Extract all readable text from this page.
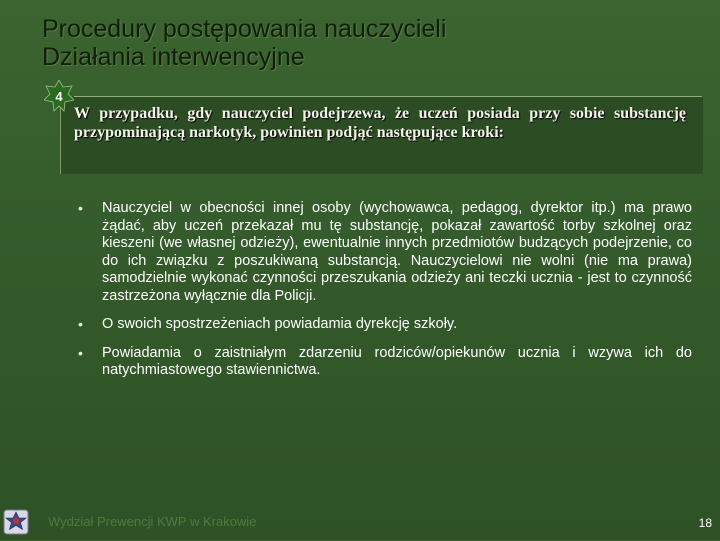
Procedury postępowania nauczycieli
Działania interwencyjne
4
W przypadku, gdy nauczyciel podejrzewa, że uczeń posiada przy sobie substancję przypominającą narkotyk, powinien podjąć następujące kroki:
• Nauczyciel w obecności innej osoby (wychowawca, pedagog, dyrektor itp.) ma prawo żądać, aby uczeń przekazał mu tę substancję, pokazał zawartość torby szkolnej oraz kieszeni (we własnej odzieży), ewentualnie innych przedmiotów budzących podejrzenie, co do ich związku z poszukiwaną substancją. Nauczycielowi nie wolni (nie ma prawa) samodzielnie wykonać czynności przeszukania odzieży ani teczki ucznia - jest to czynność zastrzeżona wyłącznie dla Policji.
• O swoich spostrzeżeniach powiadamia dyrekcję szkoły.
• Powiadamia o zaistniałym zdarzeniu rodziców/opiekunów ucznia i wzywa ich do natychmiastowego stawiennictwa.
Wydział Prewencji KWP w Krakowie	18
